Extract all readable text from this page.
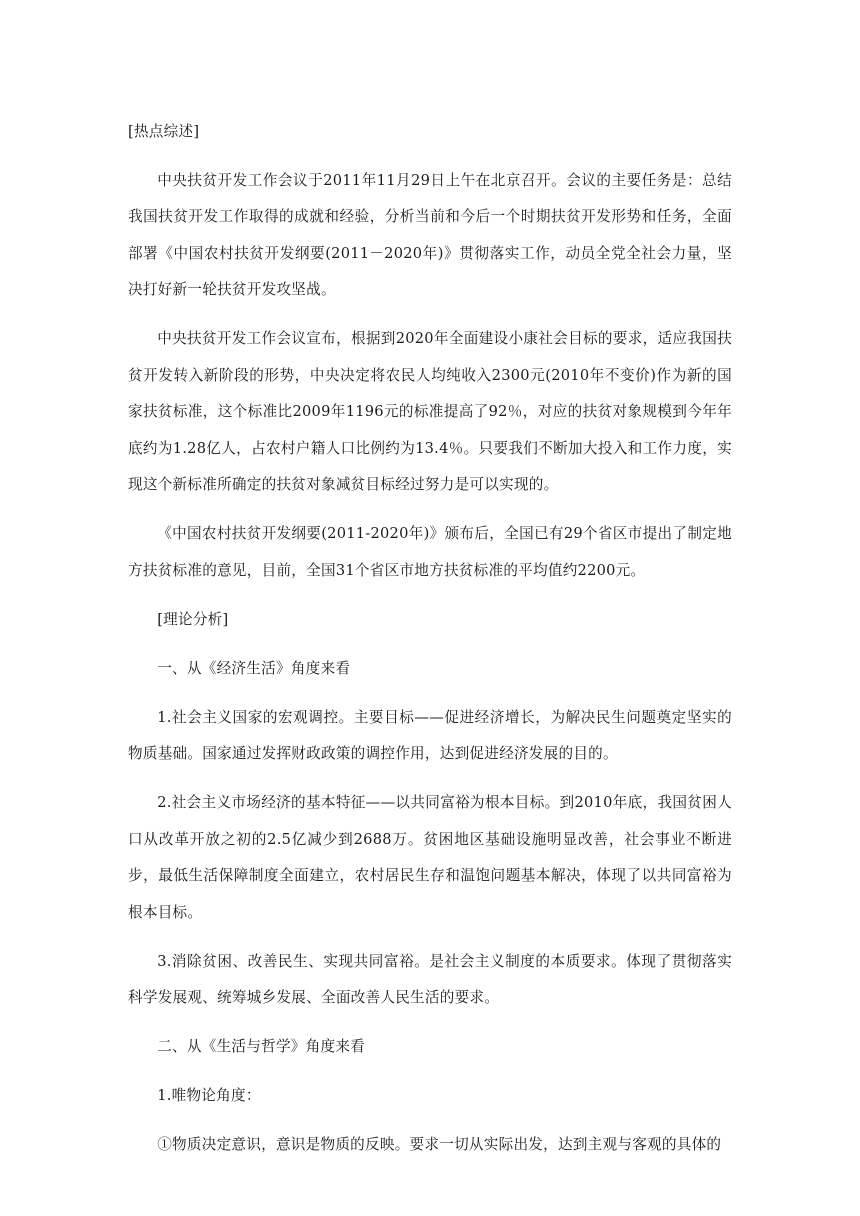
[热点综述]

中央扶贫开发工作会议于2011年11月29日上午在北京召开。会议的主要任务是：总结我国扶贫开发工作取得的成就和经验，分析当前和今后一个时期扶贫开发形势和任务，全面部署《中国农村扶贫开发纲要(2011－2020年)》贯彻落实工作，动员全党全社会力量，坚决打好新一轮扶贫开发攻坚战。

中央扶贫开发工作会议宣布，根据到2020年全面建设小康社会目标的要求，适应我国扶贫开发转入新阶段的形势，中央决定将农民人均纯收入2300元(2010年不变价)作为新的国家扶贫标准，这个标准比2009年1196元的标准提高了92％，对应的扶贫对象规模到今年年底约为1.28亿人，占农村户籍人口比例约为13.4％。只要我们不断加大投入和工作力度，实现这个新标准所确定的扶贫对象减贫目标经过努力是可以实现的。

《中国农村扶贫开发纲要(2011-2020年)》颁布后，全国已有29个省区市提出了制定地方扶贫标准的意见，目前，全国31个省区市地方扶贫标准的平均值约2200元。

[理论分析]

一、从《经济生活》角度来看

1.社会主义国家的宏观调控。主要目标——促进经济增长，为解决民生问题奠定坚实的物质基础。国家通过发挥财政政策的调控作用，达到促进经济发展的目的。

2.社会主义市场经济的基本特征——以共同富裕为根本目标。到2010年底，我国贫困人口从改革开放之初的2.5亿减少到2688万。贫困地区基础设施明显改善，社会事业不断进步，最低生活保障制度全面建立，农村居民生存和温饱问题基本解决，体现了以共同富裕为根本目标。

3.消除贫困、改善民生、实现共同富裕。是社会主义制度的本质要求。体现了贯彻落实科学发展观、统筹城乡发展、全面改善人民生活的要求。

二、从《生活与哲学》角度来看

1.唯物论角度：

①物质决定意识，意识是物质的反映。要求一切从实际出发，达到主观与客观的具体的
